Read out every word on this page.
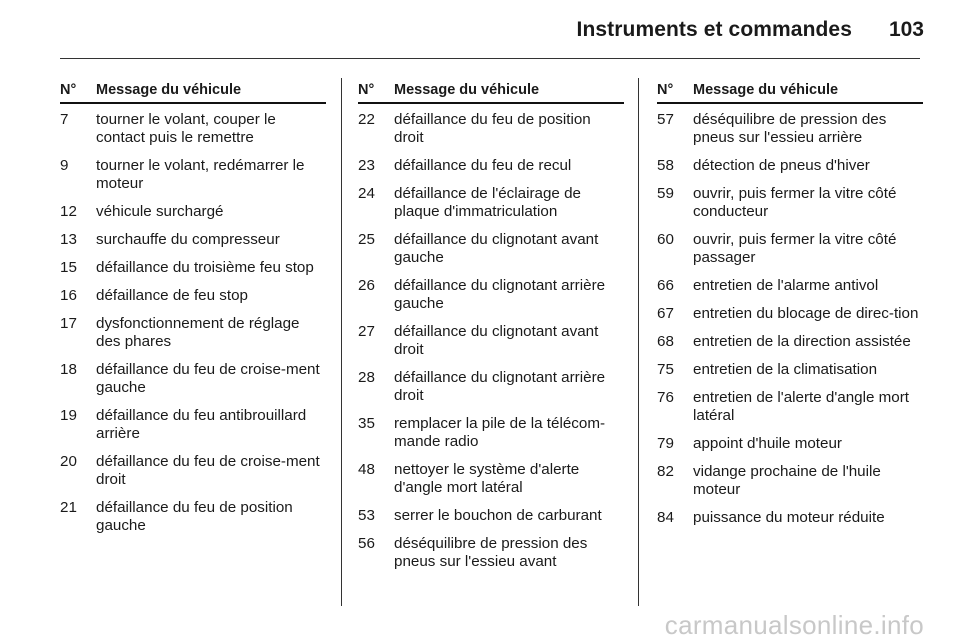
Instruments et commandes 103
N°	Message du véhicule
7	tourner le volant, couper le contact puis le remettre
9	tourner le volant, redémarrer le moteur
12	véhicule surchargé
13	surchauffe du compresseur
15	défaillance du troisième feu stop
16	défaillance de feu stop
17	dysfonctionnement de réglage des phares
18	défaillance du feu de croise-ment gauche
19	défaillance du feu antibrouillard arrière
20	défaillance du feu de croise-ment droit
21	défaillance du feu de position gauche
N°	Message du véhicule
22	défaillance du feu de position droit
23	défaillance du feu de recul
24	défaillance de l'éclairage de plaque d'immatriculation
25	défaillance du clignotant avant gauche
26	défaillance du clignotant arrière gauche
27	défaillance du clignotant avant droit
28	défaillance du clignotant arrière droit
35	remplacer la pile de la télécom-mande radio
48	nettoyer le système d'alerte d'angle mort latéral
53	serrer le bouchon de carburant
56	déséquilibre de pression des pneus sur l'essieu avant
N°	Message du véhicule
57	déséquilibre de pression des pneus sur l'essieu arrière
58	détection de pneus d'hiver
59	ouvrir, puis fermer la vitre côté conducteur
60	ouvrir, puis fermer la vitre côté passager
66	entretien de l'alarme antivol
67	entretien du blocage de direc-tion
68	entretien de la direction assistée
75	entretien de la climatisation
76	entretien de l'alerte d'angle mort latéral
79	appoint d'huile moteur
82	vidange prochaine de l'huile moteur
84	puissance du moteur réduite
carmanualsonline.info
